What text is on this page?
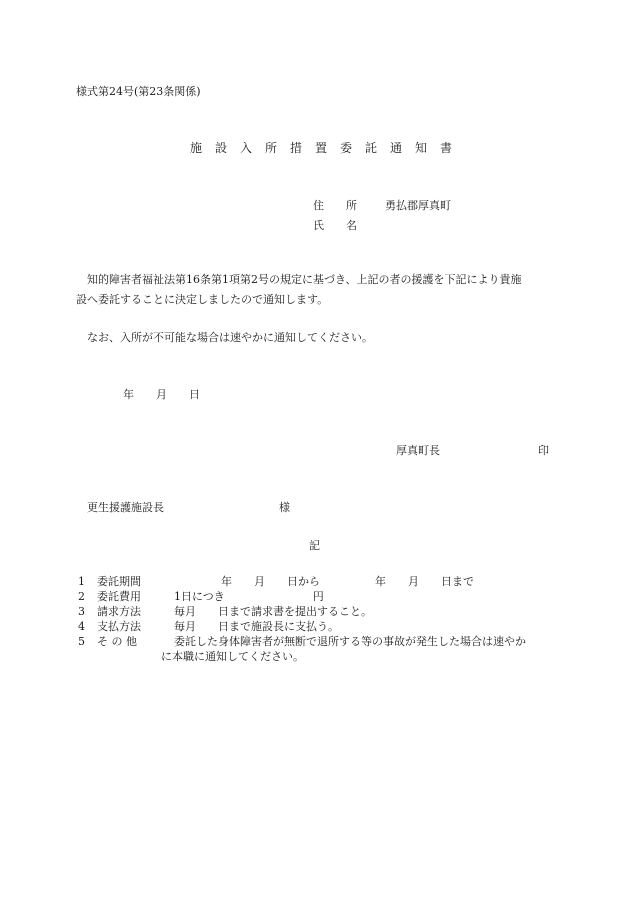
様式第24号(第23条関係)
施　設　入　所　措　置　委　託　通　知　書
住　　所	勇払郡厚真町
氏　　名
　知的障害者福祉法第16条第1項第2号の規定に基づき、上記の者の援護を下記により貴施
設へ委託することに決定しましたので通知します。
　なお、入所が不可能な場合は速やかに通知してください。
年　　月　　日
厚真町長	印
　更生援護施設長	様
記
1 委託期間	年　　月　　日から　　　　　年　　月　　日まで
2 委託費用	1日につき　　　　　　　　円
3 請求方法	毎月　　日まで請求書を提出すること。
4 支払方法	毎月　　日まで施設長に支払う。
5 そ の 他	委託した身体障害者が無断で退所する等の事故が発生した場合は速やか
に本職に通知してください。
